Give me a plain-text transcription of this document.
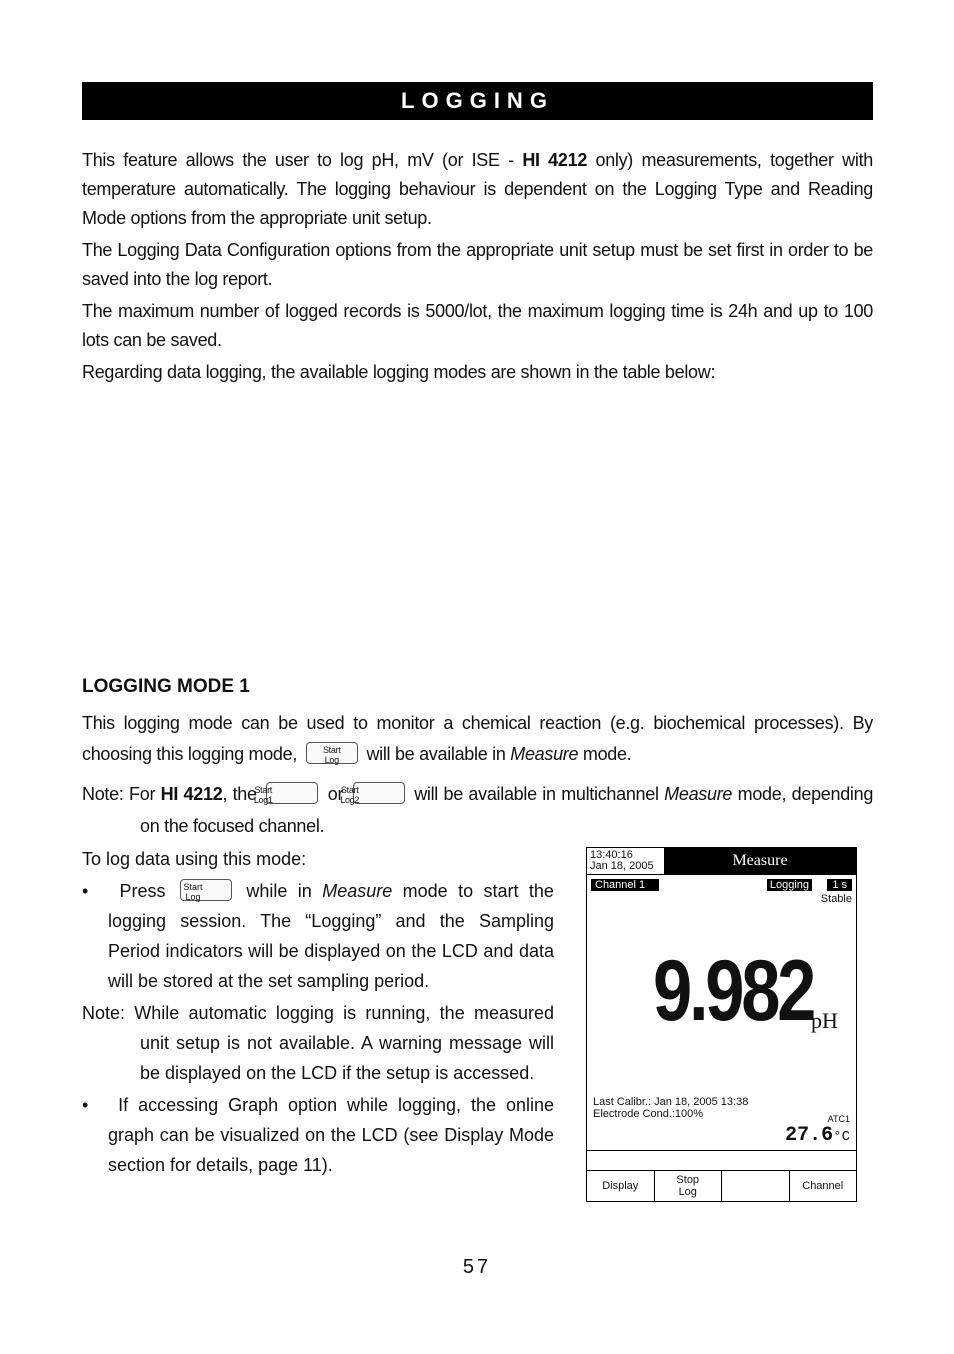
LOGGING
This feature allows the user to log pH, mV (or ISE - HI 4212 only) measurements, together with temperature automatically. The logging behaviour is dependent on the Logging Type and Reading Mode options from the appropriate unit setup.
The Logging Data Configuration options from the appropriate unit setup must be set first in order to be saved into the log report.
The maximum number of logged records is 5000/lot, the maximum logging time is 24h and up to 100 lots can be saved.
Regarding data logging, the available logging modes are shown in the table below:
LOGGING MODE 1
This logging mode can be used to monitor a chemical reaction (e.g. biochemical processes). By choosing this logging mode,	Start
Log	will be available in Measure mode.
Note: For HI 4212, the
Start
Log1	or
Start
Log2	will be available in multichannel Measure mode, depending on the focused channel.

To log data using this mode:

• Press Start
Log	while in Measure mode to start the logging session. The “Logging” and the Sampling Period indicators will be displayed on the LCD and data will be stored at the set sampling period.

Note: While automatic logging is running, the measured unit setup is not available. A warning message will be displayed on the LCD if the setup is accessed.

• If accessing Graph option while logging, the online graph can be visualized on the LCD (see Display Mode section for details, page 11).

13:40:16
Jan 18, 2005	Measure
Channel 1	Logging	1 s
Stable
9.982
pH
Last Calibr.: Jan 18, 2005 13:38
Electrode Cond.:100%	ATC1
27.6°C
Display	Stop
Log	Channel
57
